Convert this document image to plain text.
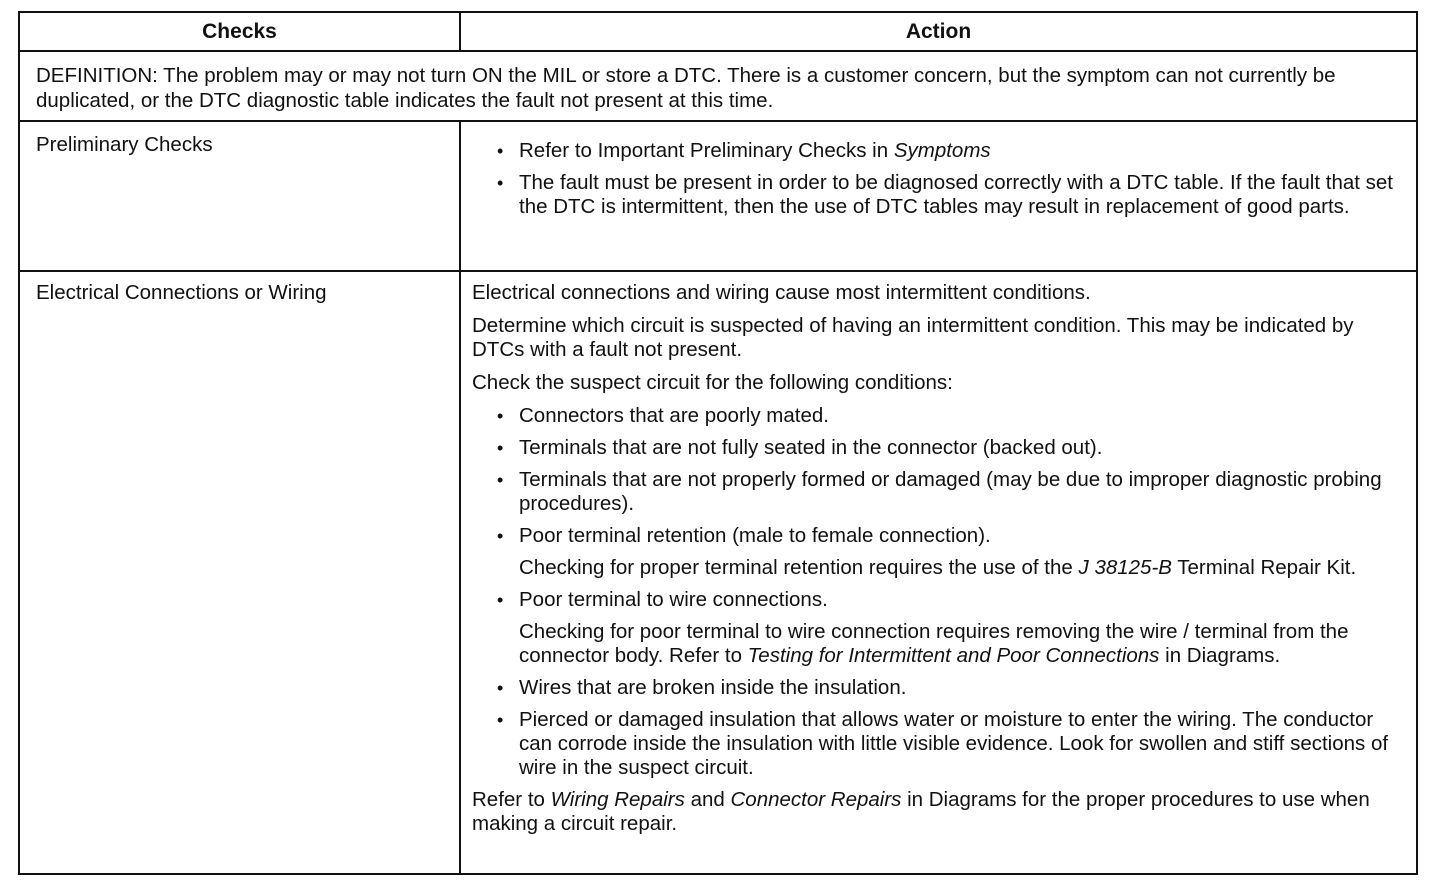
Checks	Action

DEFINITION: The problem may or may not turn ON the MIL or store a DTC. There is a customer concern, but the symptom can not currently be duplicated, or the DTC diagnostic table indicates the fault not present at this time.

Preliminary Checks
•	Refer to Important Preliminary Checks in Symptoms
• The fault must be present in order to be diagnosed correctly with a DTC table. If the fault that set the DTC is intermittent, then the use of DTC tables may result in replacement of good parts.
Electrical Connections or Wiring	Electrical connections and wiring cause most intermittent conditions.

Determine which circuit is suspected of having an intermittent condition. This may be indicated by DTCs with a fault not present.

Check the suspect circuit for the following conditions:

• Connectors that are poorly mated.
• Terminals that are not fully seated in the connector (backed out).
• Terminals that are not properly formed or damaged (may be due to improper diagnostic probing procedures).
• Poor terminal retention (male to female connection).

Checking for proper terminal retention requires the use of the J 38125-B Terminal Repair Kit.

• Poor terminal to wire connections.

Checking for poor terminal to wire connection requires removing the wire / terminal from the connector body. Refer to Testing for Intermittent and Poor Connections in Diagrams.

• Wires that are broken inside the insulation.
• Pierced or damaged insulation that allows water or moisture to enter the wiring. The conductor can corrode inside the insulation with little visible evidence. Look for swollen and stiff sections of wire in the suspect circuit.

Refer to Wiring Repairs and Connector Repairs in Diagrams for the proper procedures to use when making a circuit repair.
